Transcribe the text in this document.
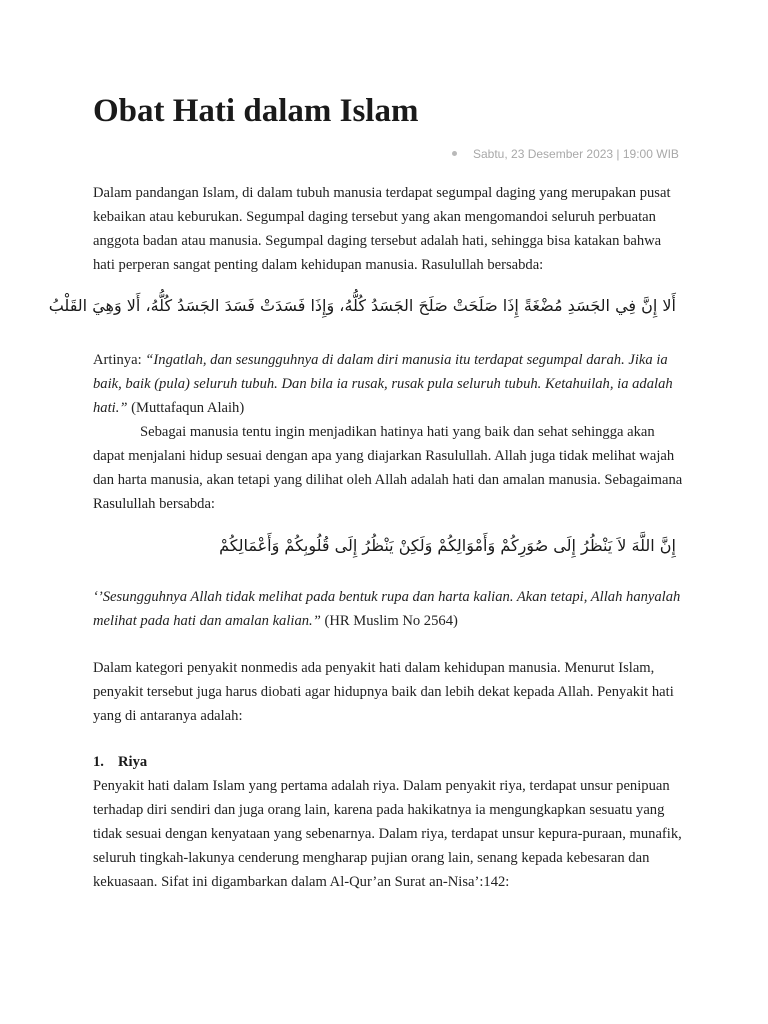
Obat Hati dalam Islam
Sabtu, 23 Desember 2023 | 19:00 WIB

Dalam pandangan Islam, di dalam tubuh manusia terdapat segumpal daging yang merupakan pusat kebaikan atau keburukan. Segumpal daging tersebut yang akan mengomandoi seluruh perbuatan anggota badan atau manusia. Segumpal daging tersebut adalah hati, sehingga bisa katakan bahwa hati perperan sangat penting dalam kehidupan manusia. Rasulullah bersabda:

أَلا إِنَّ فِي الجَسَدِ مُضْغَةً إِذَا صَلَحَتْ صَلَحَ الجَسَدُ كُلُّهُ، وَإِذَا فَسَدَتْ فَسَدَ الجَسَدُ كُلُّهُ، أَلا وَهِيَ القَلْبُ

Artinya: “Ingatlah, dan sesungguhnya di dalam diri manusia itu terdapat segumpal darah. Jika ia baik, baik (pula) seluruh tubuh. Dan bila ia rusak, rusak pula seluruh tubuh. Ketahuilah, ia adalah hati.” (Muttafaqun Alaih)

Sebagai manusia tentu ingin menjadikan hatinya hati yang baik dan sehat sehingga akan dapat menjalani hidup sesuai dengan apa yang diajarkan Rasulullah. Allah juga tidak melihat wajah dan harta manusia, akan tetapi yang dilihat oleh Allah adalah hati dan amalan manusia. Sebagaimana Rasulullah bersabda:

إِنَّ اللَّهَ لاَ يَنْظُرُ إِلَى صُوَرِكُمْ وَأَمْوَالِكُمْ وَلَكِنْ يَنْظُرُ إِلَى قُلُوبِكُمْ وَأَعْمَالِكُمْ

‘’Sesungguhnya Allah tidak melihat pada bentuk rupa dan harta kalian. Akan tetapi, Allah hanyalah melihat pada hati dan amalan kalian.” (HR Muslim No 2564)

Dalam kategori penyakit nonmedis ada penyakit hati dalam kehidupan manusia. Menurut Islam, penyakit tersebut juga harus diobati agar hidupnya baik dan lebih dekat kepada Allah. Penyakit hati yang di antaranya adalah:

1. Riya

Penyakit hati dalam Islam yang pertama adalah riya. Dalam penyakit riya, terdapat unsur penipuan terhadap diri sendiri dan juga orang lain, karena pada hakikatnya ia mengungkapkan sesuatu yang tidak sesuai dengan kenyataan yang sebenarnya. Dalam riya, terdapat unsur kepura-puraan, munafik, seluruh tingkah-lakunya cenderung mengharap pujian orang lain, senang kepada kebesaran dan kekuasaan. Sifat ini digambarkan dalam Al-Qur’an Surat an-Nisa’:142:
